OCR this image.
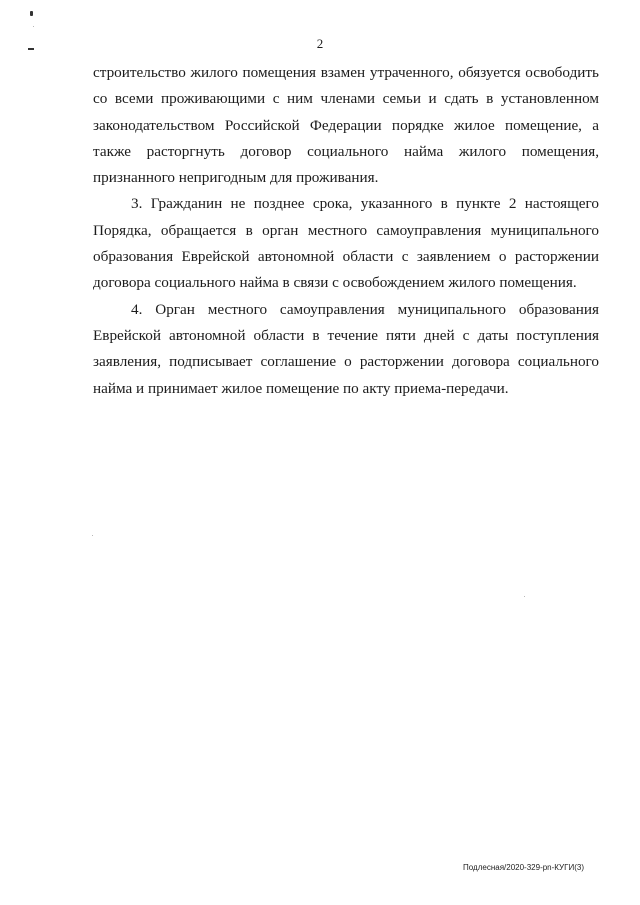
2

строительство жилого помещения взамен утраченного, обязуется освободить со всеми проживающими с ним членами семьи и сдать в установленном законодательством Российской Федерации порядке жилое помещение, а также расторгнуть договор социального найма жилого помещения, признанного непригодным для проживания.

3. Гражданин не позднее срока, указанного в пункте 2 настоящего Порядка, обращается в орган местного самоуправления муниципального образования Еврейской автономной области с заявлением о расторжении договора социального найма в связи с освобождением жилого помещения.

4. Орган местного самоуправления муниципального образования Еврейской автономной области в течение пяти дней с даты поступления заявления, подписывает соглашение о расторжении договора социального найма и принимает жилое помещение по акту приема-передачи.

Подлесная/2020-329-pn-КУГИ(3)
